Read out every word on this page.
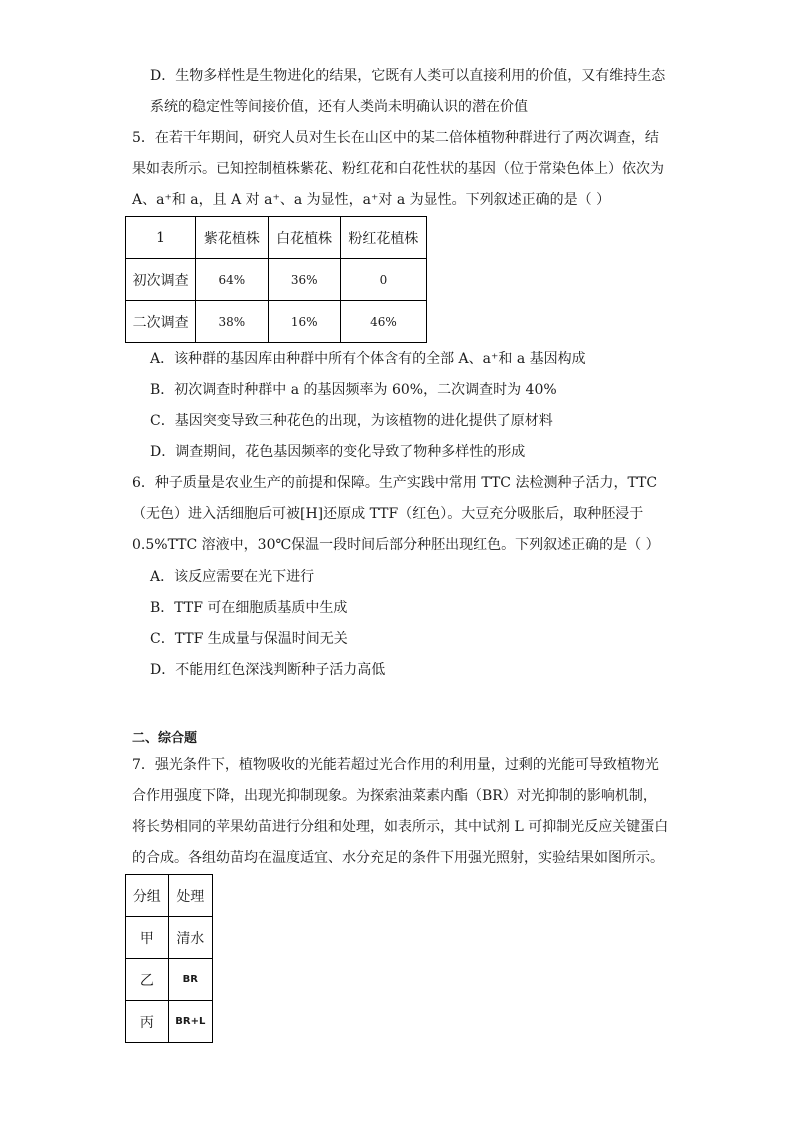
D．生物多样性是生物进化的结果，它既有人类可以直接利用的价值，又有维持生态
系统的稳定性等间接价值，还有人类尚未明确认识的潜在价值
5．在若干年期间，研究人员对生长在山区中的某二倍体植物种群进行了两次调查，结
果如表所示。已知控制植株紫花、粉红花和白花性状的基因（位于常染色体上）依次为
A、a⁺和 a，且 A 对 a⁺、a 为显性，a⁺对 a 为显性。下列叙述正确的是（ ）
1	紫花植株	白花植株	粉红花植株
初次调查	64%	36%	0
二次调查	38%	16%	46%
A．该种群的基因库由种群中所有个体含有的全部 A、a⁺和 a 基因构成
B．初次调查时种群中 a 的基因频率为 60%，二次调查时为 40%
C．基因突变导致三种花色的出现，为该植物的进化提供了原材料
D．调查期间，花色基因频率的变化导致了物种多样性的形成
6．种子质量是农业生产的前提和保障。生产实践中常用 TTC 法检测种子活力，TTC
（无色）进入活细胞后可被[H]还原成 TTF（红色）。大豆充分吸胀后，取种胚浸于
0.5%TTC 溶液中，30℃保温一段时间后部分种胚出现红色。下列叙述正确的是（ ）
A．该反应需要在光下进行
B．TTF 可在细胞质基质中生成
C．TTF 生成量与保温时间无关
D．不能用红色深浅判断种子活力高低
二、综合题
7．强光条件下，植物吸收的光能若超过光合作用的利用量，过剩的光能可导致植物光
合作用强度下降，出现光抑制现象。为探索油菜素内酯（BR）对光抑制的影响机制，
将长势相同的苹果幼苗进行分组和处理，如表所示，其中试剂 L 可抑制光反应关键蛋白
的合成。各组幼苗均在温度适宜、水分充足的条件下用强光照射，实验结果如图所示。
分组	处理
甲	清水
乙	BR
丙	BR+L
